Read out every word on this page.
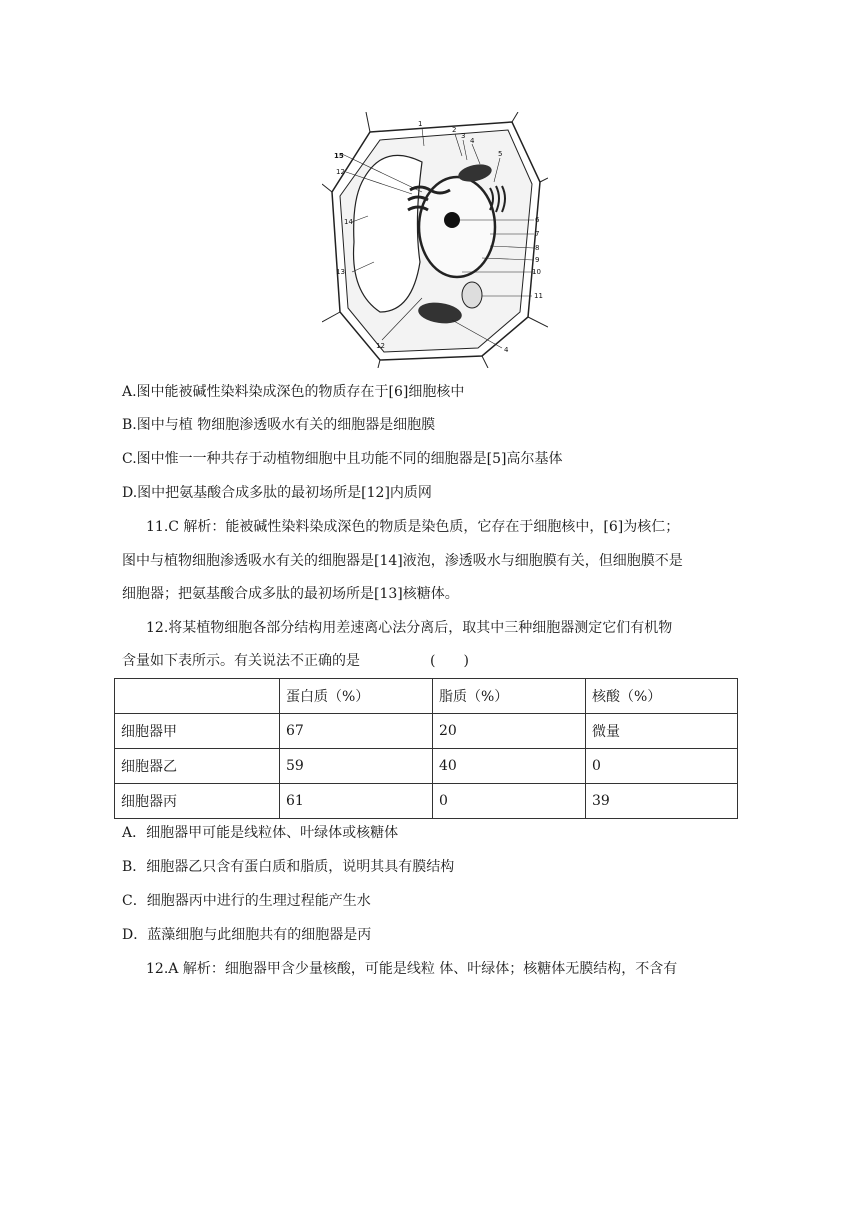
1
2
3
4
5
6
7
8
9
10
11
12
13
14
15
12	4
A.图中能被碱性染料染成深色的物质存在于[6]细胞核中
B.图中与植 物细胞渗透吸水有关的细胞器是细胞膜
C.图中惟一一种共存于动植物细胞中且功能不同的细胞器是[5]高尔基体
D.图中把氨基酸合成多肽的最初场所是[12]内质网
11.C 解析：能被碱性染料染成深色的物质是染色质，它存在于细胞核中，[6]为核仁；
图中与植物细胞渗透吸水有关的细胞器是[14]液泡，渗透吸水与细胞膜有关，但细胞膜不是
细胞器；把氨基酸合成多肽的最初场所是[13]核糖体。
12.将某植物细胞各部分结构用差速离心法分离后，取其中三种细胞器测定它们有机物
含量如下表所示。有关说法不正确的是	(　　)
	蛋白质（%）	脂质（%）	核酸（%）
细胞器甲	67	20	微量
细胞器乙	59	40	0
细胞器丙	61	0	39
A．细胞器甲可能是线粒体、叶绿体或核糖体
B．细胞器乙只含有蛋白质和脂质，说明其具有膜结构
C．细胞器丙中进行的生理过程能产生水
D．蓝藻细胞与此细胞共有的细胞器是丙
12.A 解析：细胞器甲含少量核酸，可能是线粒 体、叶绿体；核糖体无膜结构，不含有
